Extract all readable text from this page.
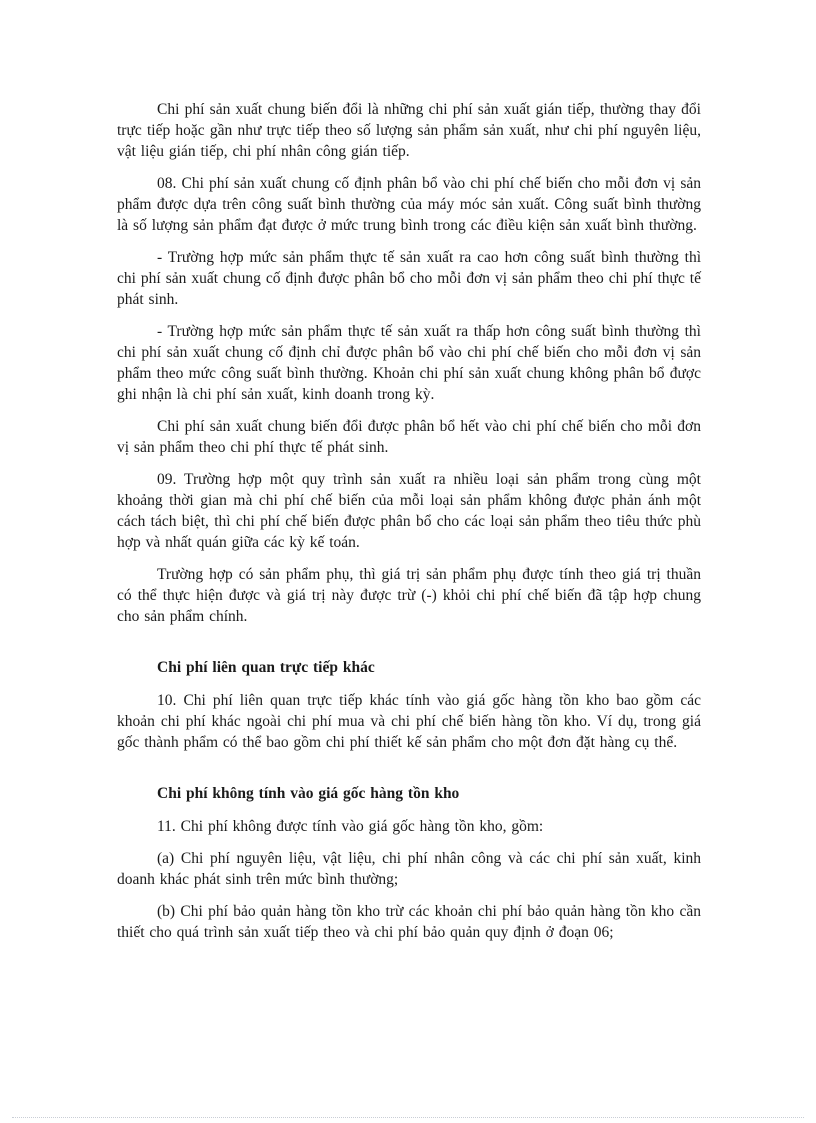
Chi phí sản xuất chung biến đổi là những chi phí sản xuất gián tiếp, thường thay đổi trực tiếp hoặc gần như trực tiếp theo số lượng sản phẩm sản xuất, như chi phí nguyên liệu, vật liệu gián tiếp, chi phí nhân công gián tiếp.

08. Chi phí sản xuất chung cố định phân bổ vào chi phí chế biến cho mỗi đơn vị sản phẩm được dựa trên công suất bình thường của máy móc sản xuất. Công suất bình thường là số lượng sản phẩm đạt được ở mức trung bình trong các điều kiện sản xuất bình thường.

- Trường hợp mức sản phẩm thực tế sản xuất ra cao hơn công suất bình thường thì chi phí sản xuất chung cố định được phân bổ cho mỗi đơn vị sản phẩm theo chi phí thực tế phát sinh.

- Trường hợp mức sản phẩm thực tế sản xuất ra thấp hơn công suất bình thường thì chi phí sản xuất chung cố định chỉ được phân bổ vào chi phí chế biến cho mỗi đơn vị sản phẩm theo mức công suất bình thường. Khoản chi phí sản xuất chung không phân bổ được ghi nhận là chi phí sản xuất, kinh doanh trong kỳ.

Chi phí sản xuất chung biến đổi được phân bổ hết vào chi phí chế biến cho mỗi đơn vị sản phẩm theo chi phí thực tế phát sinh.

09. Trường hợp một quy trình sản xuất ra nhiều loại sản phẩm trong cùng một khoảng thời gian mà chi phí chế biến của mỗi loại sản phẩm không được phản ánh một cách tách biệt, thì chi phí chế biến được phân bổ cho các loại sản phẩm theo tiêu thức phù hợp và nhất quán giữa các kỳ kế toán.

Trường hợp có sản phẩm phụ, thì giá trị sản phẩm phụ được tính theo giá trị thuần có thể thực hiện được và giá trị này được trừ (-) khỏi chi phí chế biến đã tập hợp chung cho sản phẩm chính.

Chi phí liên quan trực tiếp khác

10. Chi phí liên quan trực tiếp khác tính vào giá gốc hàng tồn kho bao gồm các khoản chi phí khác ngoài chi phí mua và chi phí chế biến hàng tồn kho. Ví dụ, trong giá gốc thành phẩm có thể bao gồm chi phí thiết kế sản phẩm cho một đơn đặt hàng cụ thể.

Chi phí không tính vào giá gốc hàng tồn kho

11. Chi phí không được tính vào giá gốc hàng tồn kho, gồm:

(a) Chi phí nguyên liệu, vật liệu, chi phí nhân công và các chi phí sản xuất, kinh doanh khác phát sinh trên mức bình thường;

(b) Chi phí bảo quản hàng tồn kho trừ các khoản chi phí bảo quản hàng tồn kho cần thiết cho quá trình sản xuất tiếp theo và chi phí bảo quản quy định ở đoạn 06;
